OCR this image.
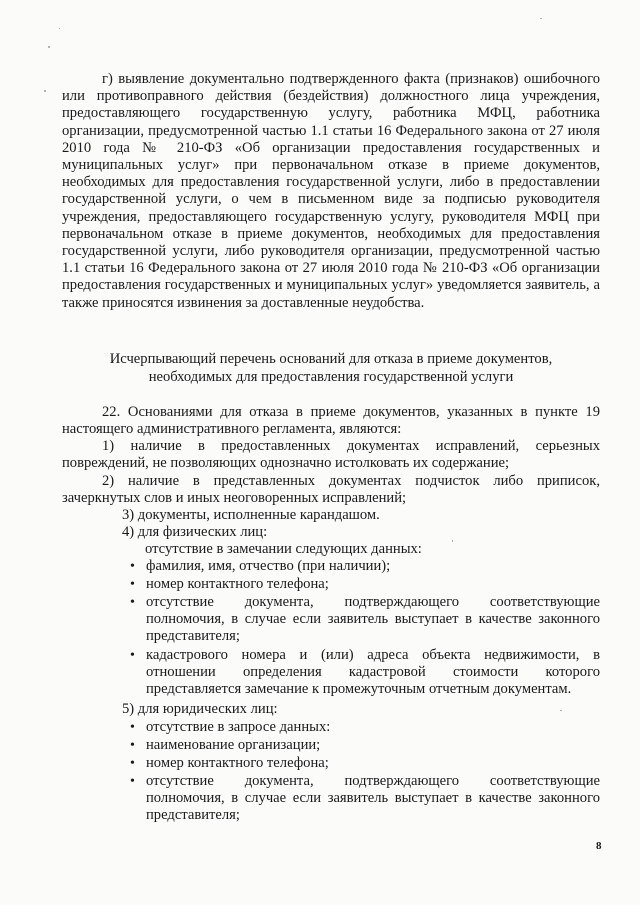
г) выявление документально подтвержденного факта (признаков) ошибочного или противоправного действия (бездействия) должностного лица учреждения, предоставляющего государственную услугу, работника МФЦ, работника организации, предусмотренной частью 1.1 статьи 16 Федерального закона от 27 июля 2010 года № 210-ФЗ «Об организации предоставления государственных и муниципальных услуг» при первоначальном отказе в приеме документов, необходимых для предоставления государственной услуги, либо в предоставлении государственной услуги, о чем в письменном виде за подписью руководителя учреждения, предоставляющего государственную услугу, руководителя МФЦ при первоначальном отказе в приеме документов, необходимых для предоставления государственной услуги, либо руководителя организации, предусмотренной частью 1.1 статьи 16 Федерального закона от 27 июля 2010 года № 210-ФЗ «Об организации предоставления государственных и муниципальных услуг» уведомляется заявитель, а также приносятся извинения за доставленные неудобства.
Исчерпывающий перечень оснований для отказа в приеме документов,
необходимых для предоставления государственной услуги
22. Основаниями для отказа в приеме документов, указанных в пункте 19 настоящего административного регламента, являются:
1) наличие в предоставленных документах исправлений, серьезных повреждений, не позволяющих однозначно истолковать их содержание;
2) наличие в представленных документах подчисток либо приписок, зачеркнутых слов и иных неоговоренных исправлений;
3) документы, исполненные карандашом.
4) для физических лиц:
отсутствие в замечании следующих данных:
• фамилия, имя, отчество (при наличии);
• номер контактного телефона;
• отсутствие документа, подтверждающего соответствующие полномочия, в случае если заявитель выступает в качестве законного представителя;
• кадастрового номера и (или) адреса объекта недвижимости, в отношении определения кадастровой стоимости которого представляется замечание к промежуточным отчетным документам.
5) для юридических лиц:
• отсутствие в запросе данных:
• наименование организации;
• номер контактного телефона;
• отсутствие документа, подтверждающего соответствующие полномочия, в случае если заявитель выступает в качестве законного представителя;
8
